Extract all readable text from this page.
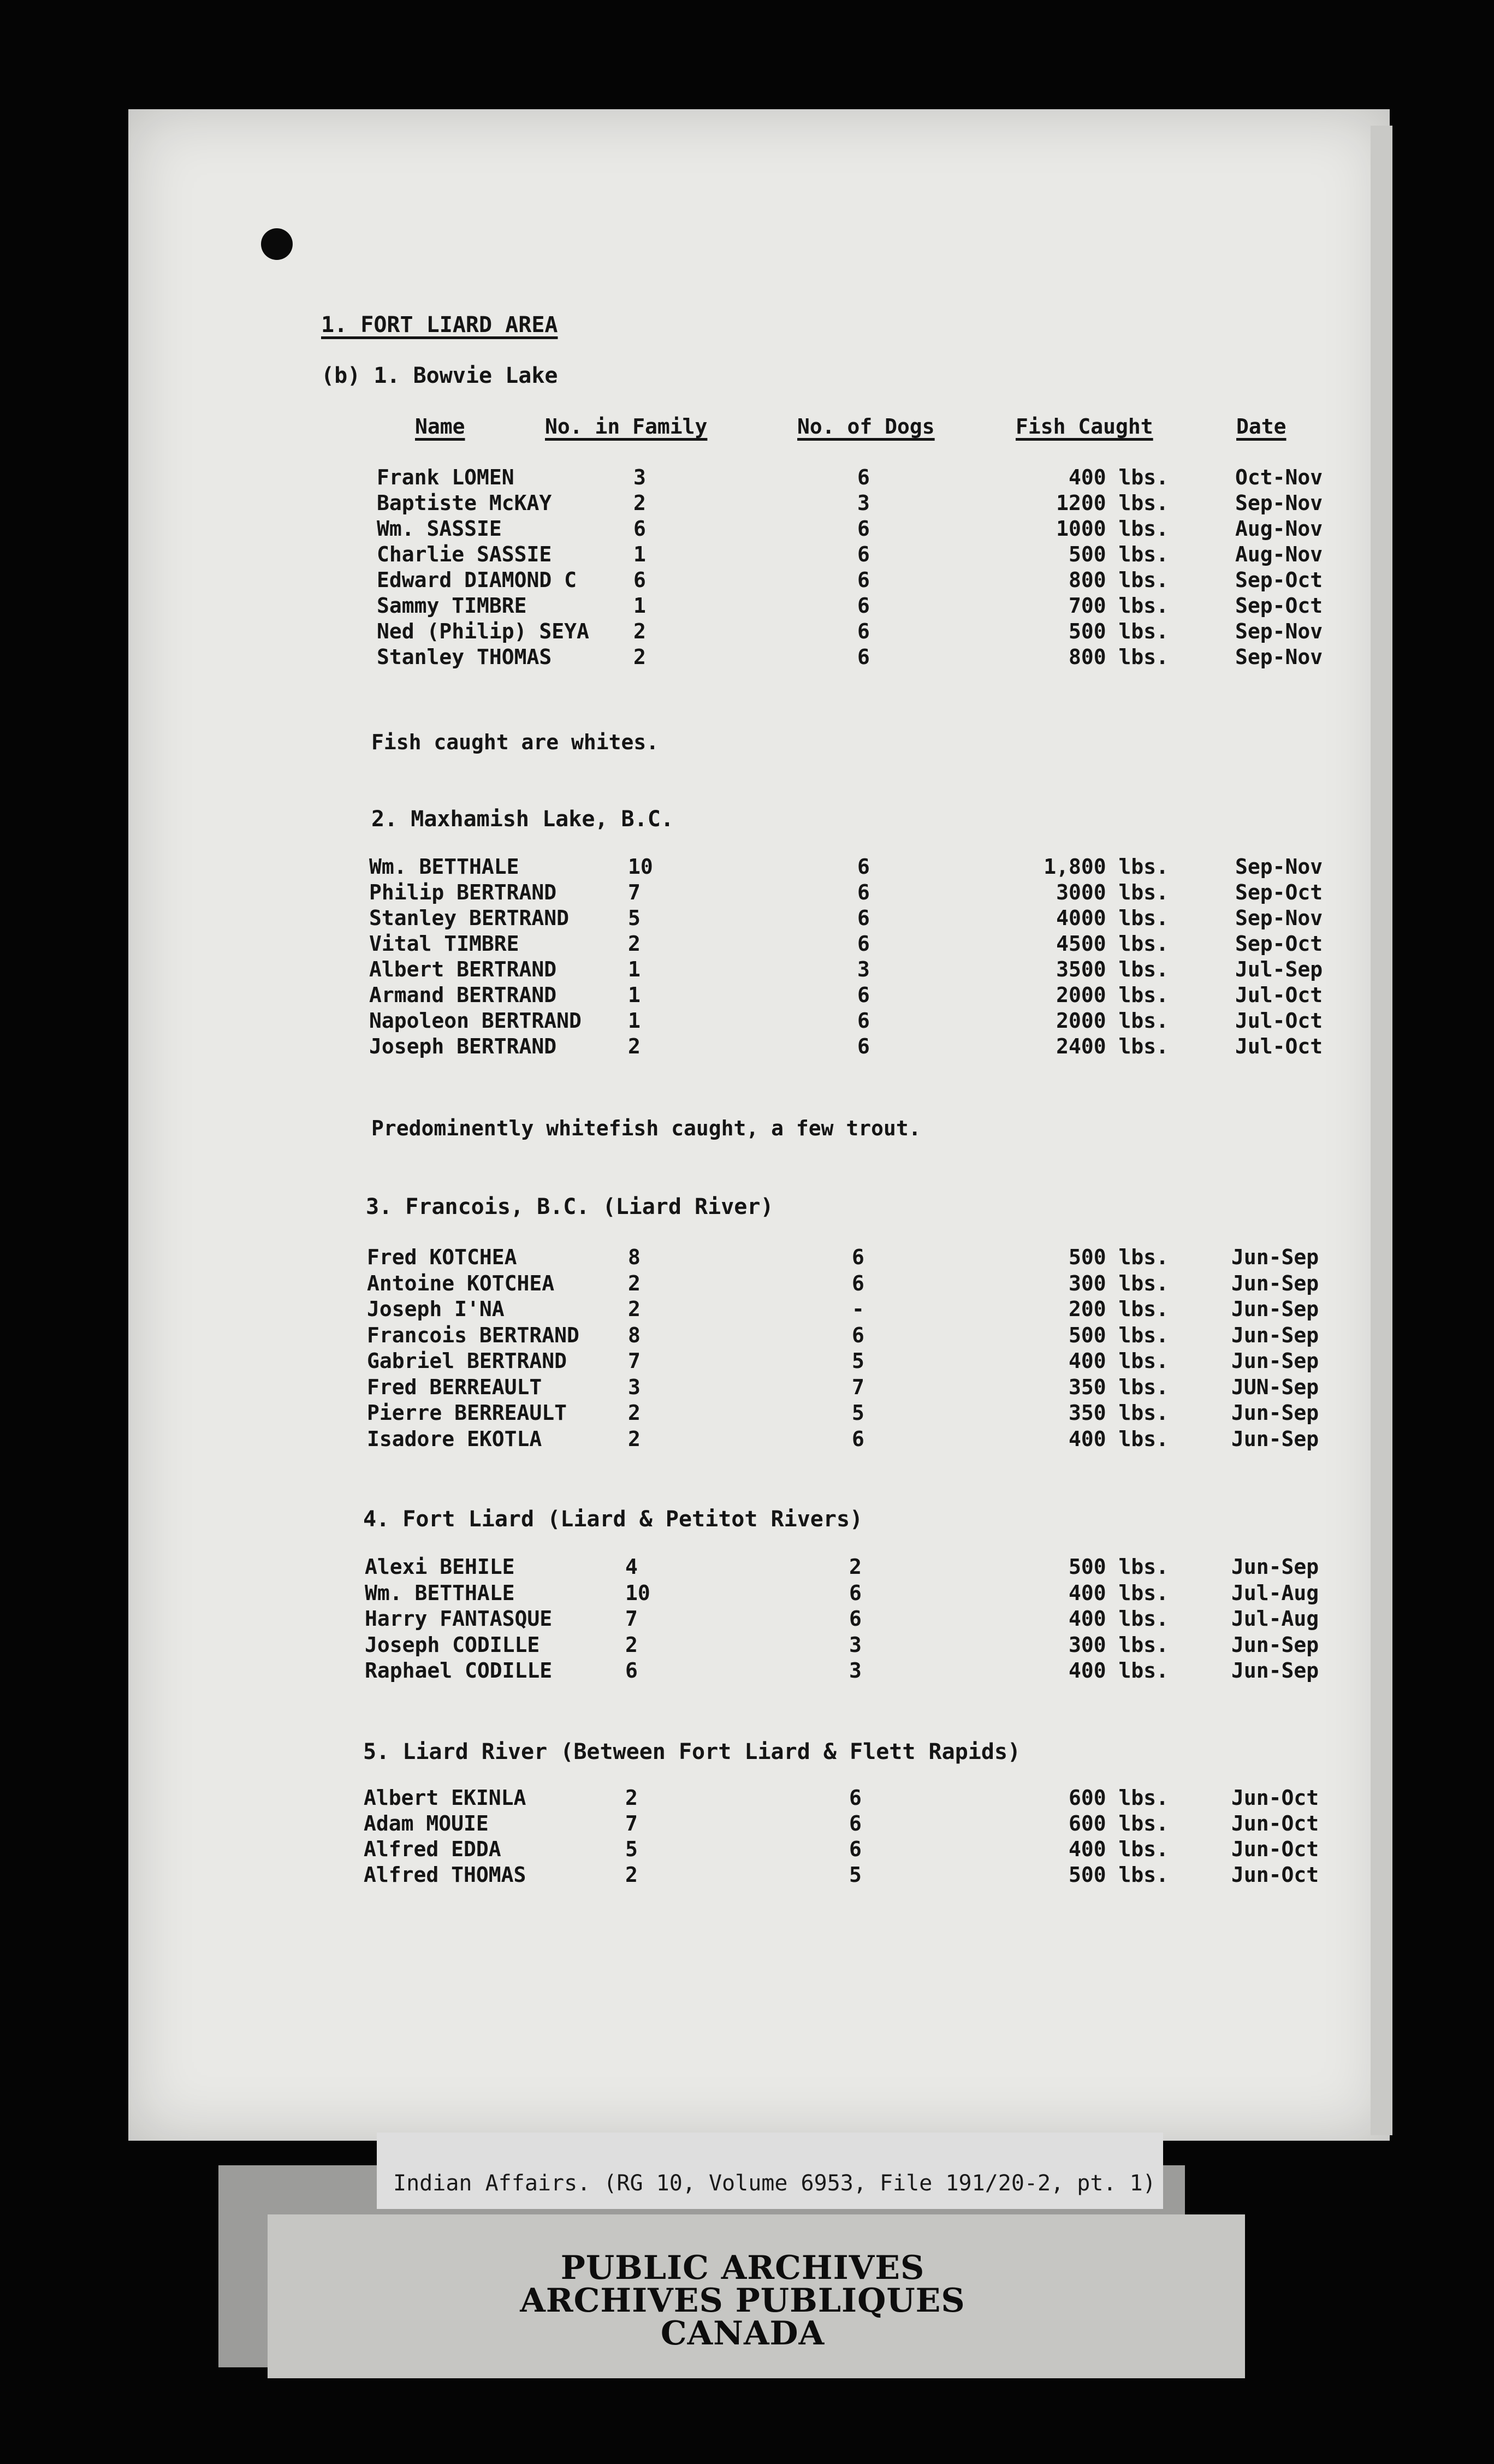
1. FORT LIARD AREA
(b) 1. Bowvie Lake
Name	No. in Family	No. of Dogs	Fish Caught	Date
Frank LOMEN	3	6	400 lbs.	Oct-Nov
Baptiste McKAY	2	3	1200 lbs.	Sep-Nov
Wm. SASSIE	6	6	1000 lbs.	Aug-Nov
Charlie SASSIE	1	6	500 lbs.	Aug-Nov
Edward DIAMOND C	6	6	800 lbs.	Sep-Oct
Sammy TIMBRE	1	6	700 lbs.	Sep-Oct
Ned (Philip) SEYA 2	6	500 lbs.	Sep-Nov
Stanley THOMAS	2	6	800 lbs.	Sep-Nov
Fish caught are whites.
2. Maxhamish Lake, B.C.
Wm. BETTHALE	10	6	1,800 lbs.	Sep-Nov
Philip BERTRAND	7	6	3000 lbs.	Sep-Oct
Stanley BERTRAND	5	6	4000 lbs.	Sep-Nov
Vital TIMBRE	2	6	4500 lbs.	Sep-Oct
Albert BERTRAND	1	3	3500 lbs.	Jul-Sep
Armand BERTRAND	1	6	2000 lbs.	Jul-Oct
Napoleon BERTRAND 1	6	2000 lbs.	Jul-Oct
Joseph BERTRAND	2	6	2400 lbs.	Jul-Oct
Predominently whitefish caught, a few trout.
3. Francois, B.C. (Liard River)
Fred KOTCHEA	8	6	500 lbs.	Jun-Sep
Antoine KOTCHEA	2	6	300 lbs.	Jun-Sep
Joseph I'NA	2	-	200 lbs.	Jun-Sep
Francois BERTRAND 8	6	500 lbs.	Jun-Sep
Gabriel BERTRAND	7	5	400 lbs.	Jun-Sep
Fred BERREAULT	3	7	350 lbs.	JUN-Sep
Pierre BERREAULT	2	5	350 lbs.	Jun-Sep
Isadore EKOTLA	2	6	400 lbs.	Jun-Sep
4. Fort Liard (Liard & Petitot Rivers)
Alexi BEHILE	4	2	500 lbs.	Jun-Sep
Wm. BETTHALE	10	6	400 lbs.	Jul-Aug
Harry FANTASQUE	7	6	400 lbs.	Jul-Aug
Joseph CODILLE	2	3	300 lbs.	Jun-Sep
Raphael CODILLE	6	3	400 lbs.	Jun-Sep
5. Liard River (Between Fort Liard & Flett Rapids)
Albert EKINLA	2	6	600 lbs.	Jun-Oct
Adam MOUIE	7	6	600 lbs.	Jun-Oct
Alfred EDDA	5	6	400 lbs.	Jun-Oct
Alfred THOMAS	2	5	500 lbs.	Jun-Oct
Indian Affairs. (RG 10, Volume 6953, File 191/20-2, pt. 1)
PUBLIC ARCHIVES
ARCHIVES PUBLIQUES
CANADA
